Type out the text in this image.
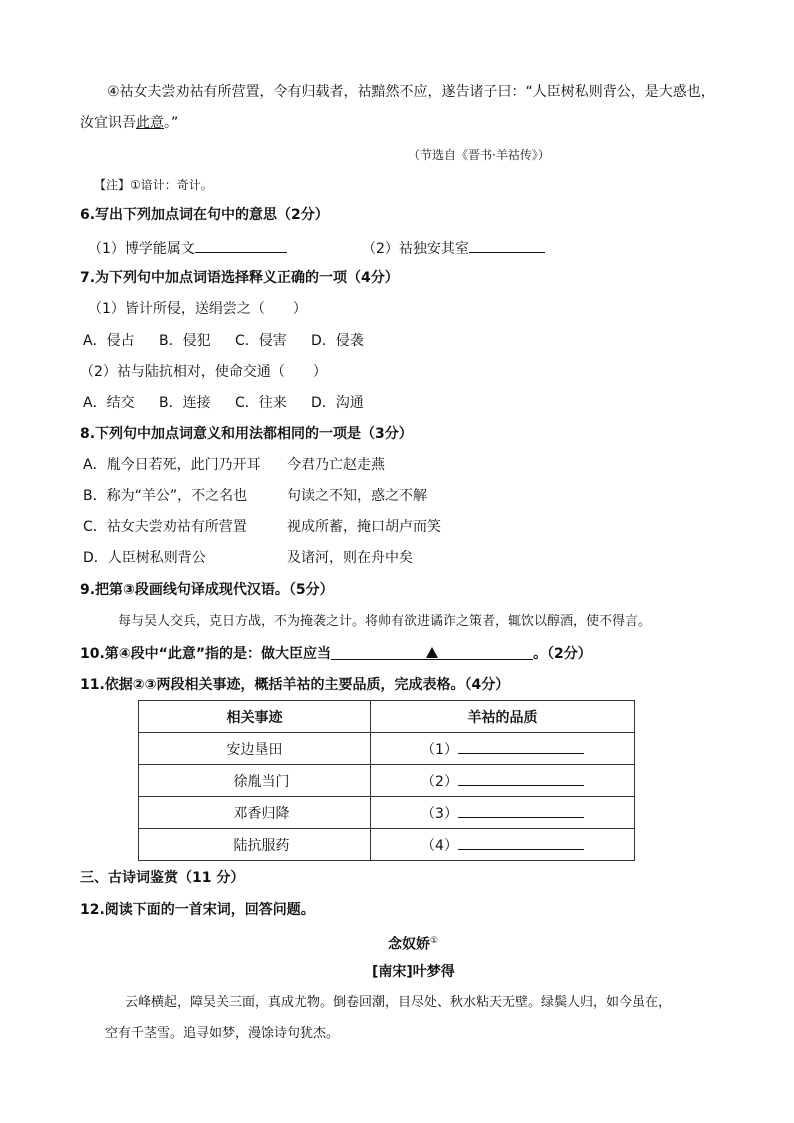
④祜女夫尝劝祜有所营置，令有归载者，祜黯然不应，遂告诸子曰：“人臣树私则背公，是大惑也，
汝宜识吾此意。”
（节选自《晋书·羊祜传》）
【注】①谙计：奇计。
6.写出下列加点词在句中的意思（2分）
（1）博学能属文	（2）祜独安其室
7.为下列句中加点词语选择释义正确的一项（4分）
（1）皆计所侵，送绢尝之（　　）
A．侵占 B．侵犯 C．侵害 D．侵袭
（2）祜与陆抗相对，使命交通（　　）
A．结交 B．连接 C．往来 D．沟通
8.下列句中加点词意义和用法都相同的一项是（3分）
A．胤今日若死，此门乃开耳 今君乃亡赵走燕
B．称为“羊公”，不之名也	句读之不知，惑之不解
C．祜女夫尝劝祜有所营置	视成所蓄，掩口胡卢而笑
D．人臣树私则背公	及诸河，则在舟中矣
9.把第③段画线句译成现代汉语。（5分）
每与吴人交兵，克日方战，不为掩袭之计。将帅有欲进谲诈之策者，辄饮以醇酒，使不得言。
10.第④段中“此意”指的是：做大臣应当	。（2分）
11.依据②③两段相关事迹，概括羊祜的主要品质，完成表格。（4分）
相关事迹	羊祜的品质
安边垦田	（1）
徐胤当门	（2）
邓香归降	（3）
陆抗服药	（4）
三、古诗词鉴赏（11 分）
12.阅读下面的一首宋词，回答问题。
念奴娇①
[南宋]叶梦得
云峰横起，障吴关三面，真成尤物。倒卷回潮，目尽处、秋水粘天无壁。绿鬓人归，如今虽在，
空有千茎雪。追寻如梦，漫馀诗句犹杰。
